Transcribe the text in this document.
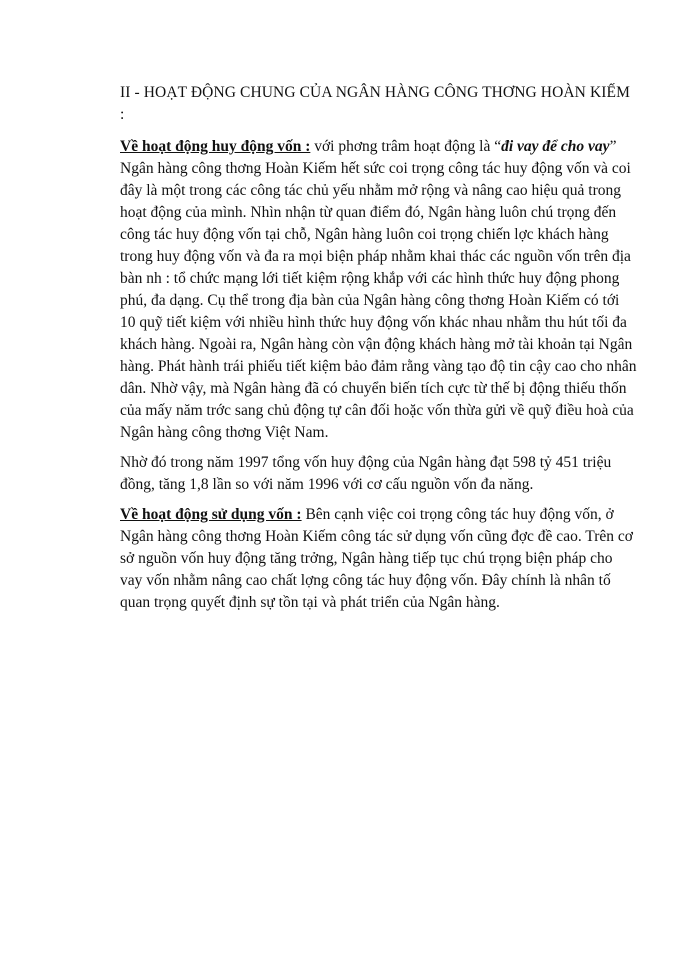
II - HOẠT ĐỘNG CHUNG CỦA NGÂN HÀNG CÔNG THƠNG HOÀN KIẾM :

Về hoạt động huy động vốn : với phơng trâm hoạt động là “đi vay để cho vay” Ngân hàng công thơng Hoàn Kiếm hết sức coi trọng công tác huy động vốn và coi đây là một trong các công tác chủ yếu nhằm mở rộng và nâng cao hiệu quả trong hoạt động của mình. Nhìn nhận từ quan điểm đó, Ngân hàng luôn chú trọng đến công tác huy động vốn tại chỗ, Ngân hàng luôn coi trọng chiến lợc khách hàng trong huy động vốn và đa ra mọi biện pháp nhằm khai thác các nguồn vốn trên địa bàn nh : tổ chức mạng lới tiết kiệm rộng khắp với các hình thức huy động phong phú, đa dạng. Cụ thể trong địa bàn của Ngân hàng công thơng Hoàn Kiếm có tới 10 quỹ tiết kiệm với nhiều hình thức huy động vốn khác nhau nhằm thu hút tối đa khách hàng. Ngoài ra, Ngân hàng còn vận động khách hàng mở tài khoản tại Ngân hàng. Phát hành trái phiếu tiết kiệm bảo đảm rằng vàng tạo độ tin cậy cao cho nhân dân. Nhờ vậy, mà Ngân hàng đã có chuyển biến tích cực từ thế bị động thiếu thốn của mấy năm trớc sang chủ động tự cân đối hoặc vốn thừa gửi về quỹ điều hoà của Ngân hàng công thơng Việt Nam.

Nhờ đó trong năm 1997 tổng vốn huy động của Ngân hàng đạt 598 tỷ 451 triệu đồng, tăng 1,8 lần so với năm 1996 với cơ cấu nguồn vốn đa năng.

Về hoạt động sử dụng vốn : Bên cạnh việc coi trọng công tác huy động vốn, ở Ngân hàng công thơng Hoàn Kiếm công tác sử dụng vốn cũng đợc đề cao. Trên cơ sở nguồn vốn huy động tăng trởng, Ngân hàng tiếp tục chú trọng biện pháp cho vay vốn nhằm nâng cao chất lợng công tác huy động vốn. Đây chính là nhân tố quan trọng quyết định sự tồn tại và phát triển của Ngân hàng.
